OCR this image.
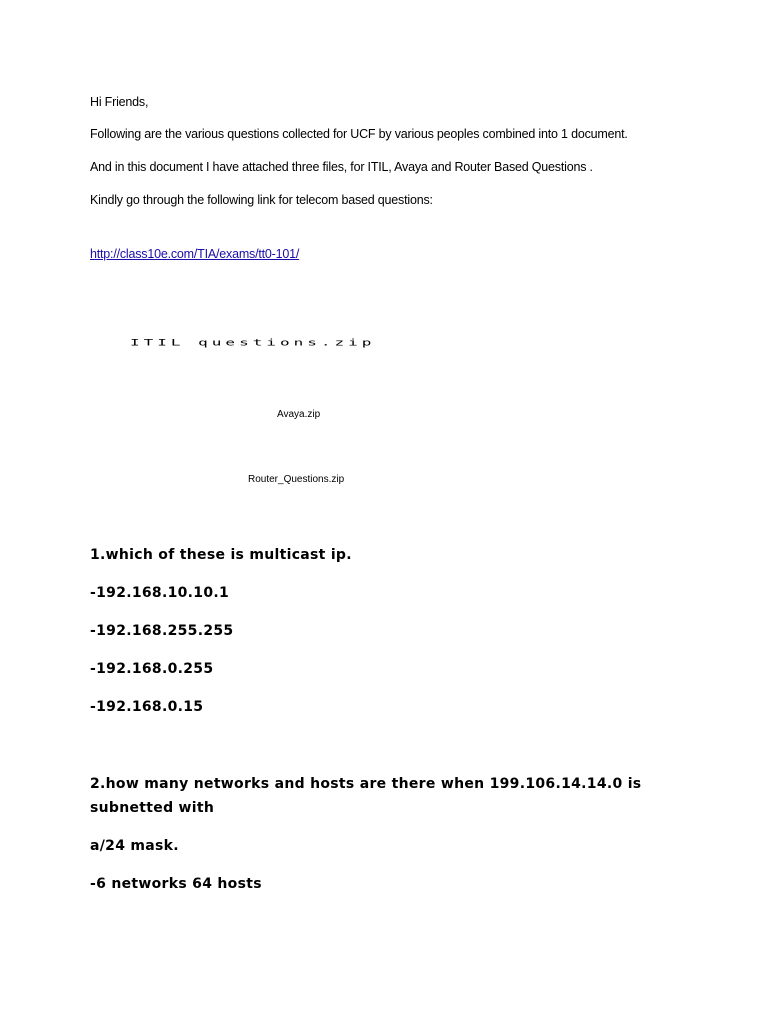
Hi Friends,
Following are the various questions collected for UCF by various peoples combined into 1 document.
And in this document I have attached three files, for ITIL, Avaya and Router Based Questions .
Kindly go through the following link for telecom based questions:
http://class10e.com/TIA/exams/tt0-101/
ITIL questions.zip
Avaya.zip
Router_Questions.zip
1.which of these is multicast ip.
-192.168.10.10.1
-192.168.255.255
-192.168.0.255
-192.168.0.15
2.how many networks and hosts are there when 199.106.14.14.0 is
subnetted with
a/24 mask.
-6 networks 64 hosts
